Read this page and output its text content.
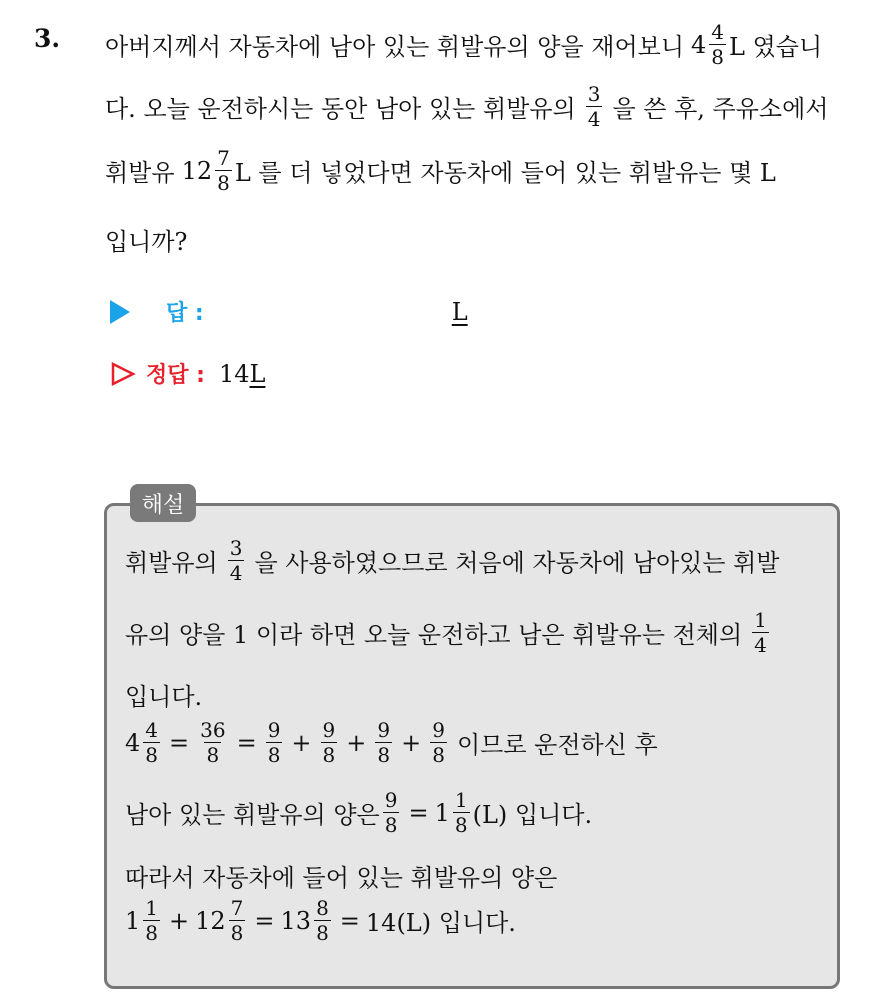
3. 아버지께서 자동차에 남아 있는 휘발유의 양을 재어보니 $4 \frac{4}{8}$ L 였습니
다. 오늘 운전하시는 동안 남아 있는 휘발유의 $\frac{3}{4}$ 을 쓴 후, 주유소에서
휘발유 $12 \frac{7}{8}$ L 를 더 넣었다면 자동차에 들어 있는 휘발유는 몇 L
입니까?
답 :	L
정답 : 14 L
해설
휘발유의 $\frac{3}{4}$ 을 사용하였으므로 처음에 자동차에 남아있는 휘발
유의 양을 1 이라 하면 오늘 운전하고 남은 휘발유는 전체의 $\frac{1}{4}$
입니다.
$4 \frac{4}{8} = \frac{36}{8} = \frac{9}{8} + \frac{9}{8} + \frac{9}{8} + \frac{9}{8}$ 이므로 운전하신 후
남아 있는 휘발유의 양은 $\frac{9}{8} = 1 \frac{1}{8} (L)$ 입니다.
따라서 자동차에 들어 있는 휘발유의 양은
$1 \frac{1}{8} + 12 \frac{7}{8} = 13 \frac{8}{8} = 14(L)$ 입니다.
